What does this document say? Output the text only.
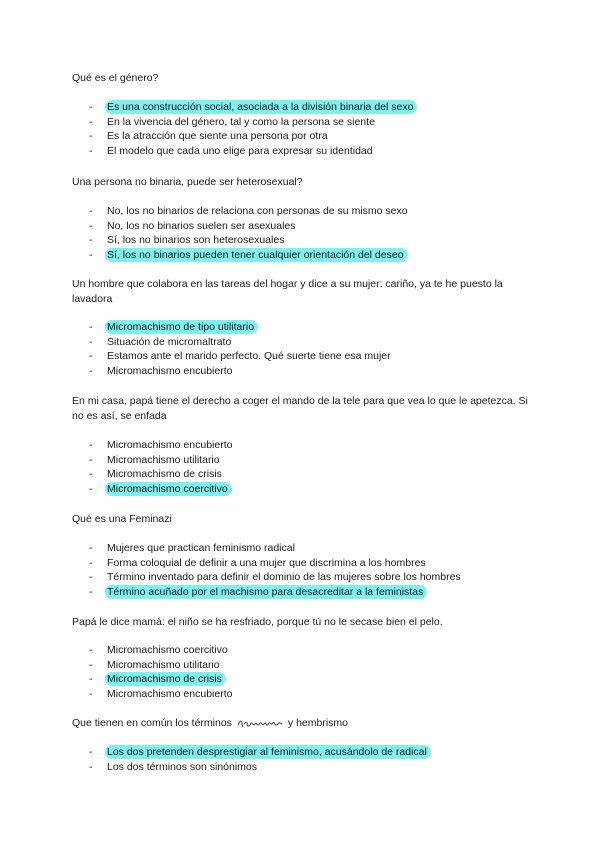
Qué es el género?

- Es una construcción social, asociada a la división binaria del sexo
- En la vivencia del género, tal y como la persona se siente
- Es la atracción que siente una persona por otra
- El modelo que cada uno elige para expresar su identidad

Una persona no binaria, puede ser heterosexual?

- No, los no binarios de relaciona con personas de su mismo sexo
- No, los no binarios suelen ser asexuales
- Sí, los no binarios son heterosexuales
- Sí, los no binarios pueden tener cualquier orientación del deseo

Un hombre que colabora en las tareas del hogar y dice a su mujer: cariño, ya te he puesto la lavadora

- Micromachismo de tipo utilitario
- Situación de micromaltrato
- Estamos ante el marido perfecto. Qué suerte tiene esa mujer
- Micromachismo encubierto

En mi casa, papá tiene el derecho a coger el mando de la tele para que vea lo que le apetezca. Si no es así, se enfada

- Micromachismo encubierto
- Micromachismo utilitario
- Micromachismo de crisis
- Micromachismo coercitivo

Qué es una Feminazi

- Mujeres que practican feminismo radical
- Forma coloquial de definir a una mujer que discrimina a los hombres
- Término inventado para definir el dominio de las mujeres sobre los hombres
- Término acuñado por el machismo para desacreditar a la feministas

Papá le dice mamá: el niño se ha resfriado, porque tú no le secase bien el pelo.

- Micromachismo coercitivo
- Micromachismo utilitario
- Micromachismo de crisis
- Micromachismo encubierto

Que tienen en común los términos	y hembrismo

- Los dos pretenden desprestigiar al feminismo, acusándolo de radical
- Los dos términos son sinónimos
